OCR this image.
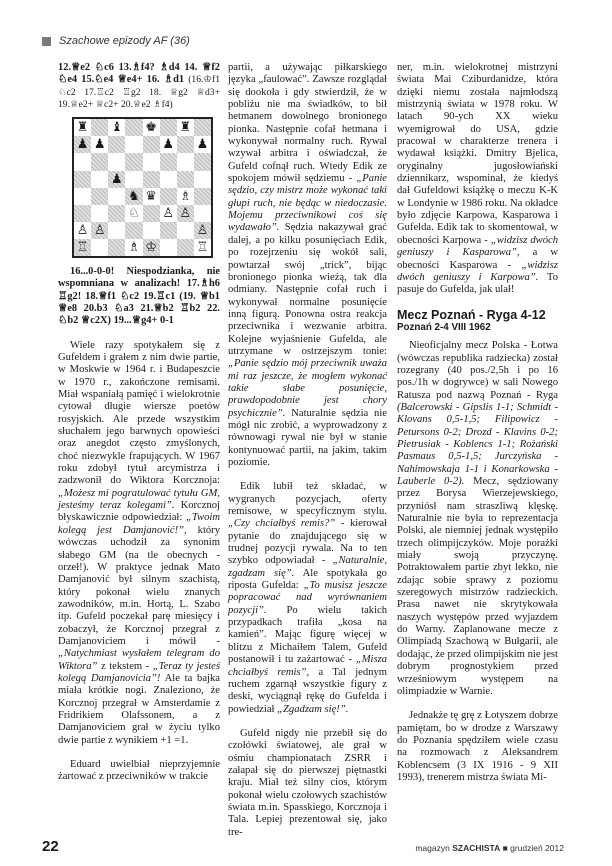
Szachowe epizody AF (36)

12.♕e2 ♘c6 13.♗f4? ♗d4 14. ♕f2 ♘e4 15.♘e4 ♕e4+ 16. ♗d1 (16.♔f1 ♘c2 17.♖c2 ♖g2 18. ♕g2 ♕d3+ 19.♕e2+ ♕c2+ 20.♕e2 ♗f4)

♜ ♝ ♚ ♜
♟ ♟	♟ ♟
♟
♞ ♛ ♗
♘ ♙ ♙
♙ ♙	♙
♖	♗ ♔	♖

16...0-0-0! Niespodzianka, nie wspomniana w analizach! 17.♗h6 ♖g2! 18.♕f1 ♘c2 19.♖c1 (19. ♕b1 ♕e8 20.b3 ♘a3 21.♕b2 ♖b2 22. ♘b2 ♕c2X) 19...♕g4+ 0-1

Wiele razy spotykałem się z Gufeldem i grałem z nim dwie partie, w Moskwie w 1964 r. i Budapeszcie w 1970 r., zakończone remisami. Miał wspaniałą pamięć i wielokrotnie cytował długie wiersze poetów rosyjskich. Ale przede wszystkim słuchałem jego barwnych opowieści oraz anegdot często zmyślonych, choć niezwykle frapujących. W 1967 roku zdobył tytuł arcymistrza i zadzwonił do Wiktora Korcznoja: „Możesz mi pogratulować tytułu GM, jesteśmy teraz kolegami”. Korcznoj błyskawicznie odpowiedział: „Twoim kolegą jest Damjanović!”, który wówczas uchodził za synonim słabego GM (na tle obecnych - orzeł!). W praktyce jednak Mato Damjanović był silnym szachistą, który pokonał wielu znanych zawodników, m.in. Hortą, L. Szabo itp. Gufeld poczekał parę miesięcy i zobaczył, że Korcznoj przegrał z Damjanoviciem i mówił - „Natychmiast wysłałem telegram do Wiktora” z tekstem - „Teraz ty jesteś kolegą Damjanovicia”! Ale ta bajka miała krótkie nogi. Znaleziono, że Korcznoj przegrał w Amsterdamie z Fridrikiem Olafssonem, a z Damjanoviciem grał w życiu tylko dwie partie z wynikiem +1 =1.

Eduard uwielbiał nieprzyjemnie żartować z przeciwników w trakcie

partii, a używając piłkarskiego języka „faulować”. Zawsze rozglądał się dookoła i gdy stwierdził, że w pobliżu nie ma świadków, to bił hetmanem dowolnego bronionego pionka. Następnie cofał hetmana i wykonywał normalny ruch. Rywal wzywał arbitra i oświadczał, że Gufeld cofnął ruch. Wtedy Edik ze spokojem mówił sędziemu - „Panie sędzio, czy mistrz może wykonać taki głupi ruch, nie będąc w niedoczasie. Mojemu przeciwnikowi coś się wydawało”. Sędzia nakazywał grać dalej, a po kilku posunięciach Edik, po rozejrzeniu się wokół sali, powtarzał swój „trick”, bijąc bronionego pionka wieżą, tak dla odmiany. Następnie cofał ruch i wykonywał normalne posunięcie inną figurą. Ponowna ostra reakcja przeciwnika i wezwanie arbitra. Kolejne wyjaśnienie Gufelda, ale utrzymane w ostrzejszym tonie: „Panie sędzio mój przeciwnik uważa mi raz jeszcze, że mogłem wykonać takie słabe posunięcie, prawdopodobnie jest chory psychicznie”. Naturalnie sędzia nie mógł nic zrobić, a wyprowadzony z równowagi rywal nie był w stanie kontynuować partii, na jakim, takim poziomie.

Edik lubił też składać, w wygranych pozycjach, oferty remisowe, w specyficznym stylu. „Czy chciałbyś remis?” - kierował pytanie do znajdującego się w trudnej pozycji rywala. Na to ten szybko odpowiadał - „Naturalnie, zgadzam się”. Ale spotykała go riposta Gufelda: „To musisz jeszcze popracować nad wyrównaniem pozycji”. Po wielu takich przypadkach trafiła „kosa na kamień”. Mając figurę więcej w blitzu z Michaiłem Talem, Gufeld postanowił i tu zażartować - „Misza chciałbyś remis”, a Tal jednym ruchem zgarnął wszystkie figury z deski, wyciągnął rękę do Gufelda i powiedział „Zgadzam się!”.

Gufeld nigdy nie przebił się do czołówki światowej, ale grał w ośmiu championatach ZSRR i załapał się do pierwszej piętnastki kraju. Miał też silny cios, którym pokonał wielu czołowych szachistów świata m.in. Spasskiego, Korcznoja i Tala. Lepiej prezentował się, jako tre-

ner, m.in. wielokrotnej mistrzyni świata Mai Cziburdanidze, która dzięki niemu została najmłodszą mistrzynią świata w 1978 roku. W latach 90-ych XX wieku wyemigrował do USA, gdzie pracował w charakterze trenera i wydawał książki. Dmitry Bjelica, oryginalny jugosłowiański dziennikarz, wspominał, że kiedyś dał Gufeldowi książkę o meczu K-K w Londynie w 1986 roku. Na okładce było zdjęcie Karpowa, Kasparowa i Gufelda. Edik tak to skomentował, w obecności Karpowa - „widzisz dwóch geniuszy i Kasparowa”, a w obecności Kasparowa - „widzisz dwóch geniuszy i Karpowa”. To pasuje do Gufelda, jak ulał!

Mecz Poznań - Ryga 4-12
Poznań 2-4 VIII 1962

Nieoficjalny mecz Polska - Łotwa (wówczas republika radziecka) został rozegrany (40 pos./2,5h i po 16 pos./1h w dogrywce) w sali Nowego Ratusza pod nazwą Poznań - Ryga (Balcerowski - Gipslis 1-1; Schmidt - Klovans 0,5-1,5; Filipowicz - Petursons 0-2; Drozd - Klavins 0-2; Pietrusiak - Koblencs 1-1; Rożański Pasmaus 0,5-1,5; Jurczyńska - Nahimowskaja 1-1 i Konarkowska - Lauberle 0-2). Mecz, sędziowany przez Borysa Wierzejewskiego, przyniósł nam straszliwą klęskę. Naturalnie nie była to reprezentacja Polski, ale niemniej jednak występiło trzech olimpijczyków. Moje porażki miały swoją przyczynę. Potraktowałem partie zbyt lekko, nie zdając sobie sprawy z poziomu szeregowych mistrzów radzieckich. Prasa nawet nie skrytykowała naszych występów przed wyjazdem do Warny. Zaplanowane mecze z Olimpiadą Szachową w Bułgarii, ale dodając, że przed olimpijskim nie jest dobrym prognostykiem przed wrześniowym występem na olimpiadzie w Warnie.

Jednakże tę grę z Łotyszem dobrze pamiętam, bo w drodze z Warszawy do Poznania spędziłem wiele czasu na rozmowach z Aleksandrem Koblencsem (3 IX 1916 - 9 XII 1993), trenerem mistrza świata Mi-

22	magazyn SZACHISTA ■ grudzień 2012
